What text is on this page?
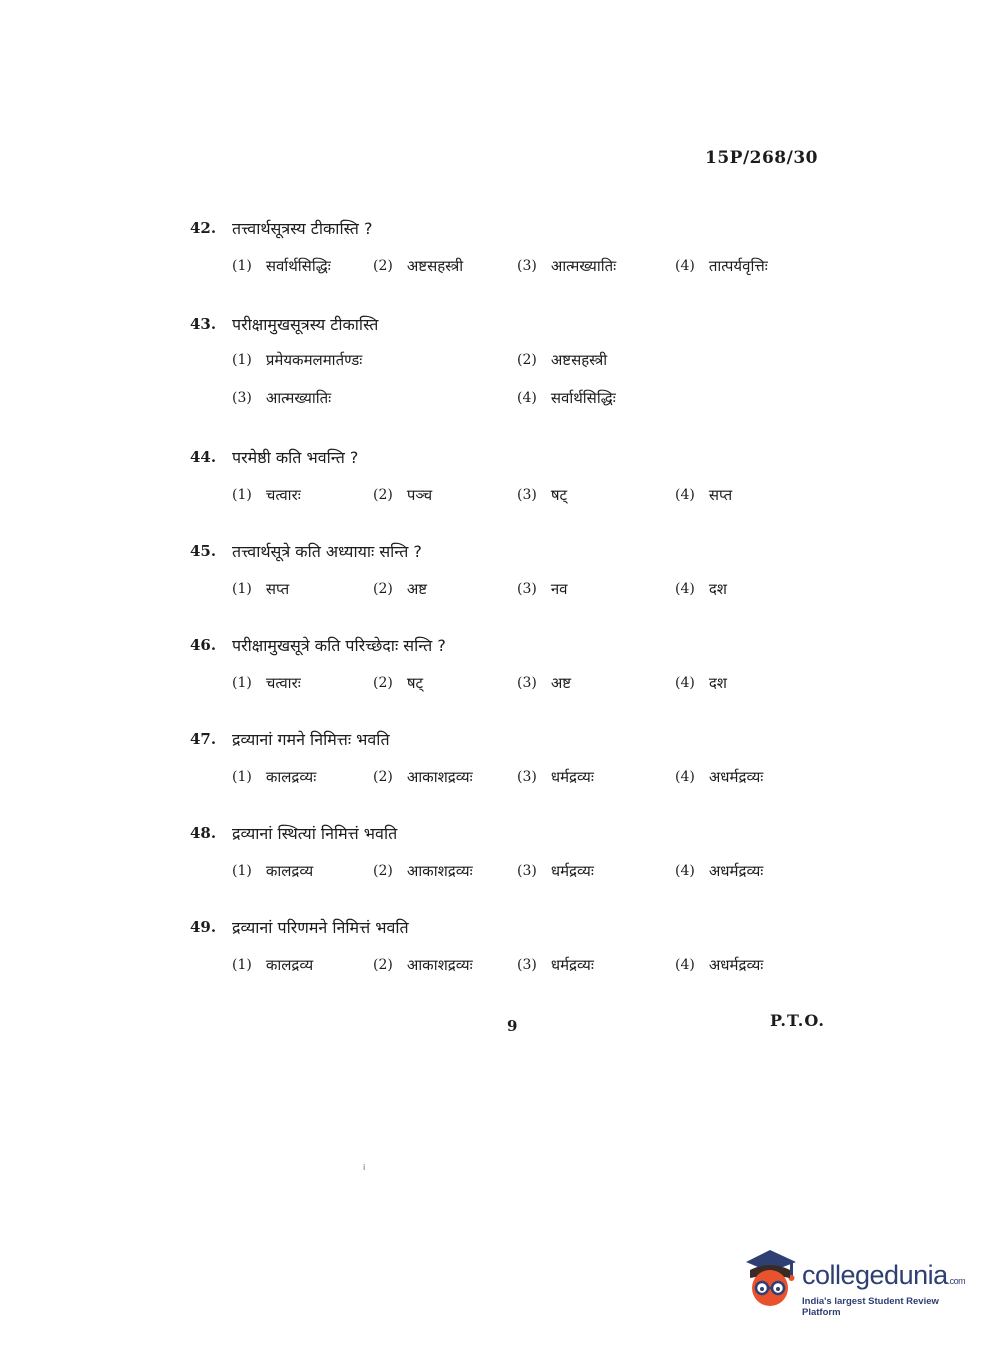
15P/268/30
42. तत्त्वार्थसूत्रस्य टीकास्ति ?
(1) सर्वार्थसिद्धिः	(2) अष्टसहस्त्री	(3) आत्मख्यातिः	(4) तात्पर्यवृत्तिः
43. परीक्षामुखसूत्रस्य टीकास्ति
(1) प्रमेयकमलमार्तण्डः	(2) अष्टसहस्त्री
(3) आत्मख्यातिः	(4) सर्वार्थसिद्धिः
44. परमेष्ठी कति भवन्ति ?
(1) चत्वारः	(2) पञ्च	(3) षट्	(4) सप्त
45. तत्त्वार्थसूत्रे कति अध्यायाः सन्ति ?
(1) सप्त	(2) अष्ट	(3) नव	(4) दश
46. परीक्षामुखसूत्रे कति परिच्छेदाः सन्ति ?
(1) चत्वारः	(2) षट्	(3) अष्ट	(4) दश
47. द्रव्यानां गमने निमित्तः भवति
(1) कालद्रव्यः	(2) आकाशद्रव्यः	(3) धर्मद्रव्यः	(4) अधर्मद्रव्यः
48. द्रव्यानां स्थित्यां निमित्तं भवति
(1) कालद्रव्य	(2) आकाशद्रव्यः	(3) धर्मद्रव्यः	(4) अधर्मद्रव्यः
49. द्रव्यानां परिणमने निमित्तं भवति
(1) कालद्रव्य	(2) आकाशद्रव्यः	(3) धर्मद्रव्यः	(4) अधर्मद्रव्यः
9	P.T.O.
i
collegedunia.com
India's largest Student Review Platform
